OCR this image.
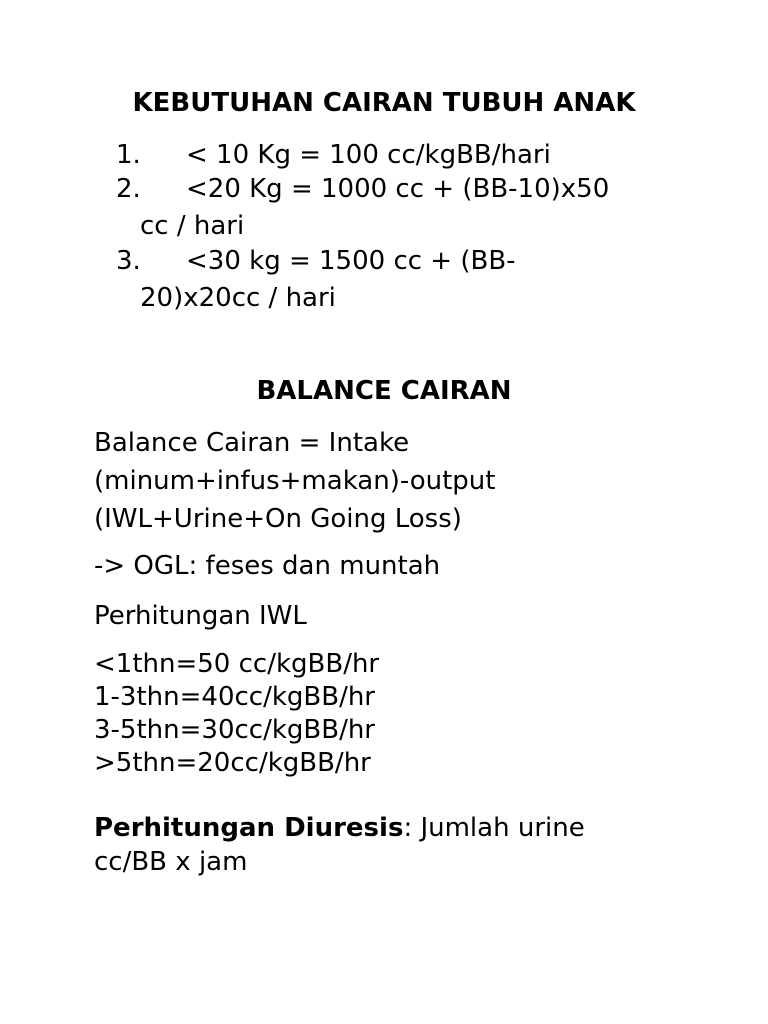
KEBUTUHAN CAIRAN TUBUH ANAK
1. < 10 Kg = 100 cc/kgBB/hari
2. <20 Kg = 1000 cc + (BB-10)x50
cc / hari
3. <30 kg = 1500 cc + (BB-
20)x20cc / hari
BALANCE CAIRAN
Balance Cairan = Intake
(minum+infus+makan)-output
(IWL+Urine+On Going Loss)
-> OGL: feses dan muntah
Perhitungan IWL
<1thn=50 cc/kgBB/hr
1-3thn=40cc/kgBB/hr
3-5thn=30cc/kgBB/hr
>5thn=20cc/kgBB/hr
Perhitungan Diuresis: Jumlah urine
cc/BB x jam
